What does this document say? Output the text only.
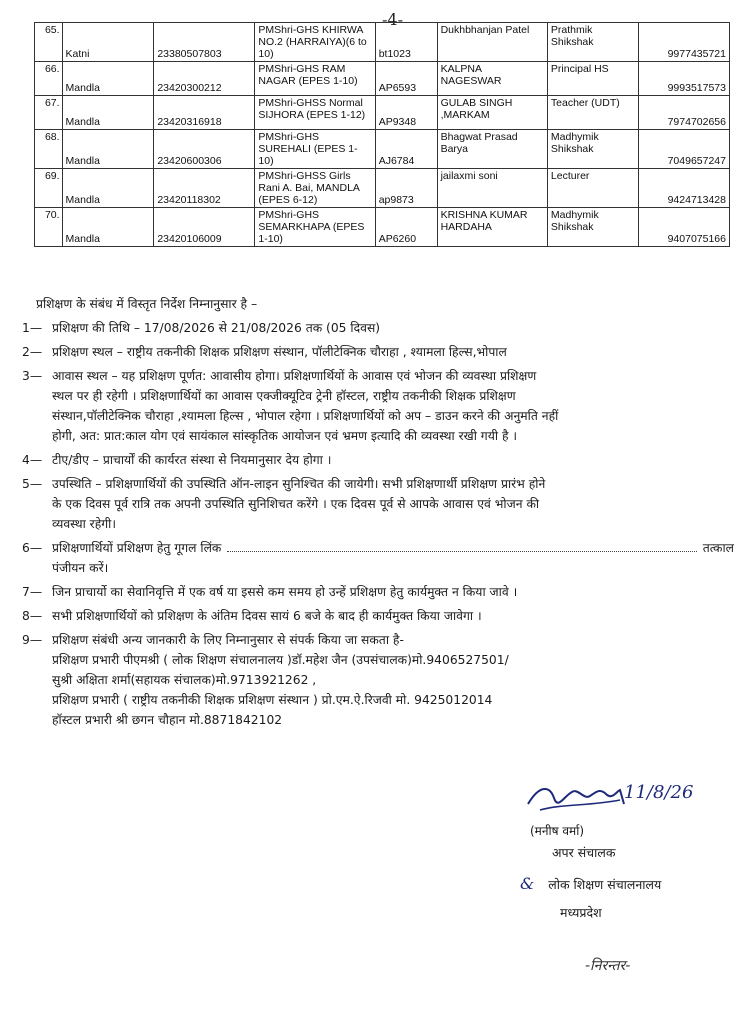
-4-
65.	Katni	23380507803	PMShri-GHS KHIRWA NO.2 (HARRAIYA)(6 to 10)	bt1023	Dukhbhanjan Patel	Prathmik Shikshak	9977435721
66.	Mandla	23420300212	PMShri-GHS RAM NAGAR (EPES 1-10)	AP6593	KALPNA NAGESWAR	Principal HS	9993517573
67.	Mandla	23420316918	PMShri-GHSS Normal SIJHORA (EPES 1-12)	AP9348	GULAB SINGH ,MARKAM	Teacher (UDT)	7974702656
68.	Mandla	23420600306	PMShri-GHS SUREHALI (EPES 1-10)	AJ6784	Bhagwat Prasad Barya	Madhymik Shikshak	7049657247
69.	Mandla	23420118302	PMShri-GHSS Girls Rani A. Bai, MANDLA (EPES 6-12)	ap9873	jailaxmi soni	Lecturer	9424713428
70.	Mandla	23420106009	PMShri-GHS SEMARKHAPA (EPES 1-10)	AP6260	KRISHNA KUMAR HARDAHA	Madhymik Shikshak	9407075166

प्रशिक्षण के संबंध में विस्तृत निर्देश निम्नानुसार है –

1— प्रशिक्षण की तिथि – 17/08/2026 से 21/08/2026 तक (05 दिवस)
2— प्रशिक्षण स्थल – राष्ट्रीय तकनीकी शिक्षक प्रशिक्षण संस्थान, पॉलीटेक्निक चौराहा , श्यामला हिल्स,भोपाल
3— आवास स्थल – यह प्रशिक्षण पूर्णत: आवासीय होगा। प्रशिक्षणार्थियों के आवास एवं भोजन की व्यवस्था प्रशिक्षण
स्थल पर ही रहेगी । प्रशिक्षणार्थियों का आवास एक्जीक्यूटिव ट्रेनी हॉस्टल, राष्ट्रीय तकनीकी शिक्षक प्रशिक्षण
संस्थान,पॉलीटेक्निक चौराहा ,श्यामला हिल्स , भोपाल रहेगा । प्रशिक्षणार्थियों को अप – डाउन करने की अनुमति नहीं
होगी, अत: प्रात:काल योग एवं सायंकाल सांस्कृतिक आयोजन एवं भ्रमण इत्यादि की व्यवस्था रखी गयी है ।
4— टीए/डीए – प्राचार्यों की कार्यरत संस्था से नियमानुसार देय होगा ।
5— उपस्थिति – प्रशिक्षणार्थियों की उपस्थिति ऑन-लाइन सुनिश्चित की जायेगी। सभी प्रशिक्षणार्थी प्रशिक्षण प्रारंभ होने
के एक दिवस पूर्व रात्रि तक अपनी उपस्थिति सुनिशिचत करेंगे । एक दिवस पूर्व से आपके आवास एवं भोजन की
व्यवस्था रहेगी।
6— प्रशिक्षणार्थियों प्रशिक्षण हेतु गूगल लिंक	तत्काल
पंजीयन करें।
7— जिन प्राचार्यो का सेवानिवृत्ति में एक वर्ष या इससे कम समय हो उन्हें प्रशिक्षण हेतु कार्यमुक्त न किया जावे ।
8— सभी प्रशिक्षणार्थियों को प्रशिक्षण के अंतिम दिवस सायं 6 बजे के बाद ही कार्यमुक्त किया जावेगा ।
9— प्रशिक्षण संबंधी अन्य जानकारी के लिए निम्नानुसार से संपर्क किया जा सकता है-
प्रशिक्षण प्रभारी पीएमश्री ( लोक शिक्षण संचालनालय )डॉ.महेश जैन (उपसंचालक)मो.9406527501/
सुश्री अक्षिता शर्मा(सहायक संचालक)मो.9713921262 ,
प्रशिक्षण प्रभारी ( राष्ट्रीय तकनीकी शिक्षक प्रशिक्षण संस्थान ) प्रो.एम.ऐ.रिजवी मो. 9425012014
हॉस्टल प्रभारी श्री छगन चौहान मो.8871842102
11/8/26
(मनीष वर्मा)
अपर संचालक
& लोक शिक्षण संचालनालय
मध्यप्रदेश
-निरन्तर-
